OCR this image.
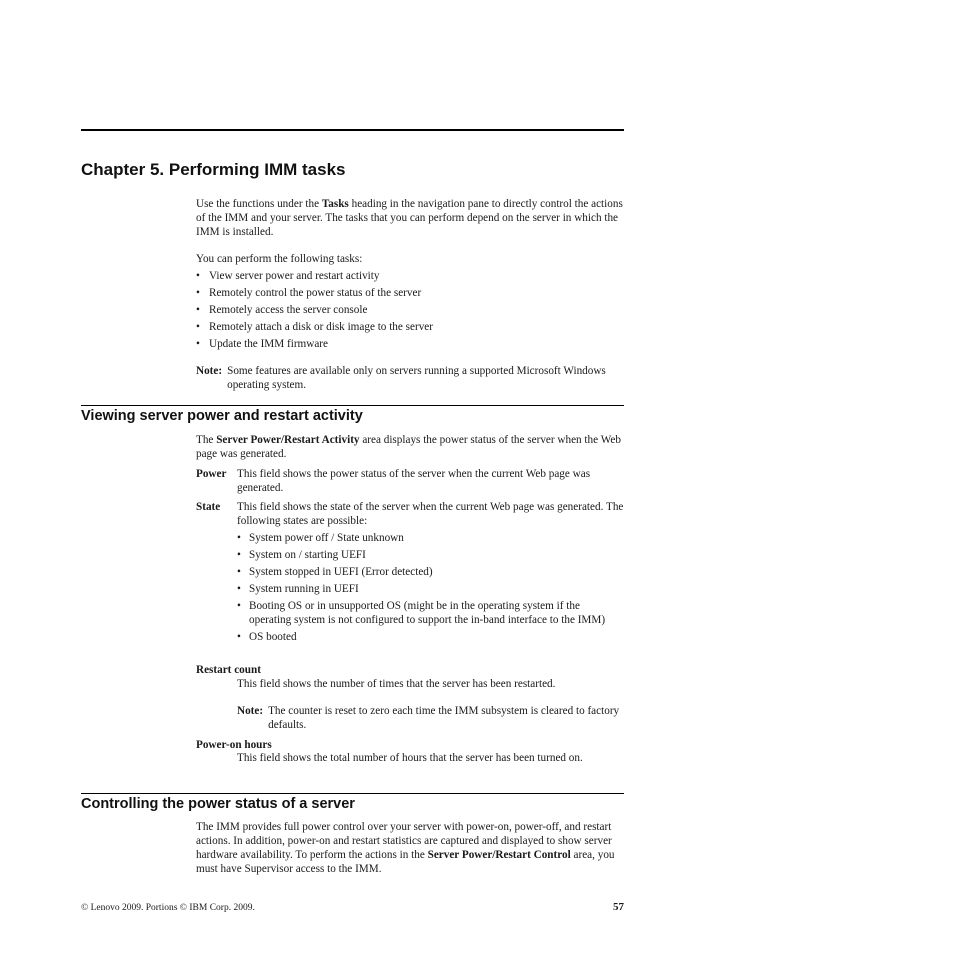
Chapter 5. Performing IMM tasks

Use the functions under the Tasks heading in the navigation pane to directly control the actions of the IMM and your server. The tasks that you can perform depend on the server in which the IMM is installed.

You can perform the following tasks:

• View server power and restart activity
• Remotely control the power status of the server
• Remotely access the server console
• Remotely attach a disk or disk image to the server
• Update the IMM firmware
Note: Some features are available only on servers running a supported Microsoft Windows operating system.
Viewing server power and restart activity

The Server Power/Restart Activity area displays the power status of the server when the Web page was generated.

Power This field shows the power status of the server when the current Web page was generated.
State	This field shows the state of the server when the current Web page was generated. The following states are possible:
• System power off / State unknown
• System on / starting UEFI
• System stopped in UEFI (Error detected)
• System running in UEFI
• Booting OS or in unsupported OS (might be in the operating system if the operating system is not configured to support the in-band interface to the IMM)
• OS booted
Restart count
This field shows the number of times that the server has been restarted.
Note: The counter is reset to zero each time the IMM subsystem is cleared to factory defaults.
Power-on hours
This field shows the total number of hours that the server has been turned on.
Controlling the power status of a server

The IMM provides full power control over your server with power-on, power-off, and restart actions. In addition, power-on and restart statistics are captured and displayed to show server hardware availability. To perform the actions in the Server Power/Restart Control area, you must have Supervisor access to the IMM.

© Lenovo 2009. Portions © IBM Corp. 2009.	57
